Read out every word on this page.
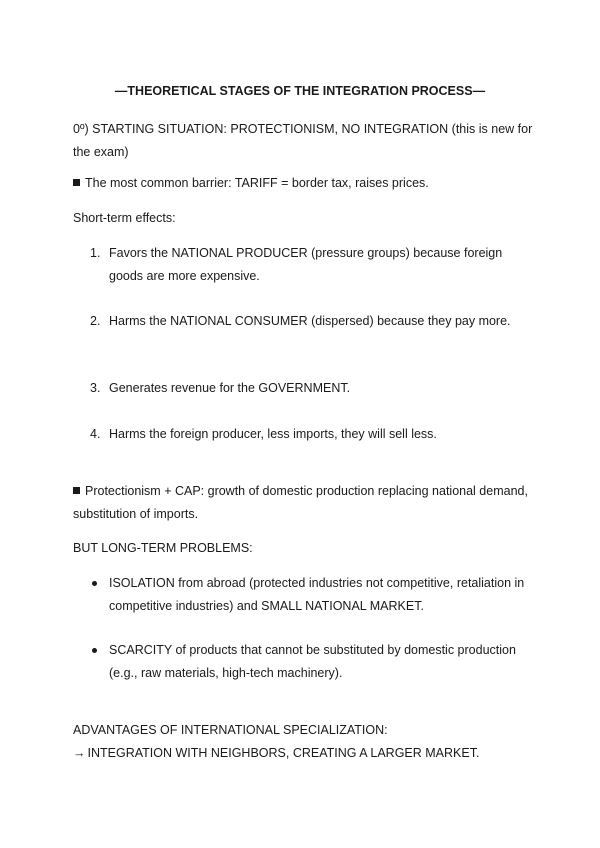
—THEORETICAL STAGES OF THE INTEGRATION PROCESS—

0º) STARTING SITUATION: PROTECTIONISM, NO INTEGRATION (this is new for the exam)

The most common barrier: TARIFF = border tax, raises prices.

Short-term effects:

1. Favors the NATIONAL PRODUCER (pressure groups) because foreign goods are more expensive.
2. Harms the NATIONAL CONSUMER (dispersed) because they pay more.
3. Generates revenue for the GOVERNMENT.
4. Harms the foreign producer, less imports, they will sell less.

Protectionism + CAP: growth of domestic production replacing national demand, substitution of imports.

BUT LONG-TERM PROBLEMS:

ISOLATION from abroad (protected industries not competitive, retaliation in competitive industries) and SMALL NATIONAL MARKET.
SCARCITY of products that cannot be substituted by domestic production (e.g., raw materials, high-tech machinery).

ADVANTAGES OF INTERNATIONAL SPECIALIZATION:

→ INTEGRATION WITH NEIGHBORS, CREATING A LARGER MARKET.
